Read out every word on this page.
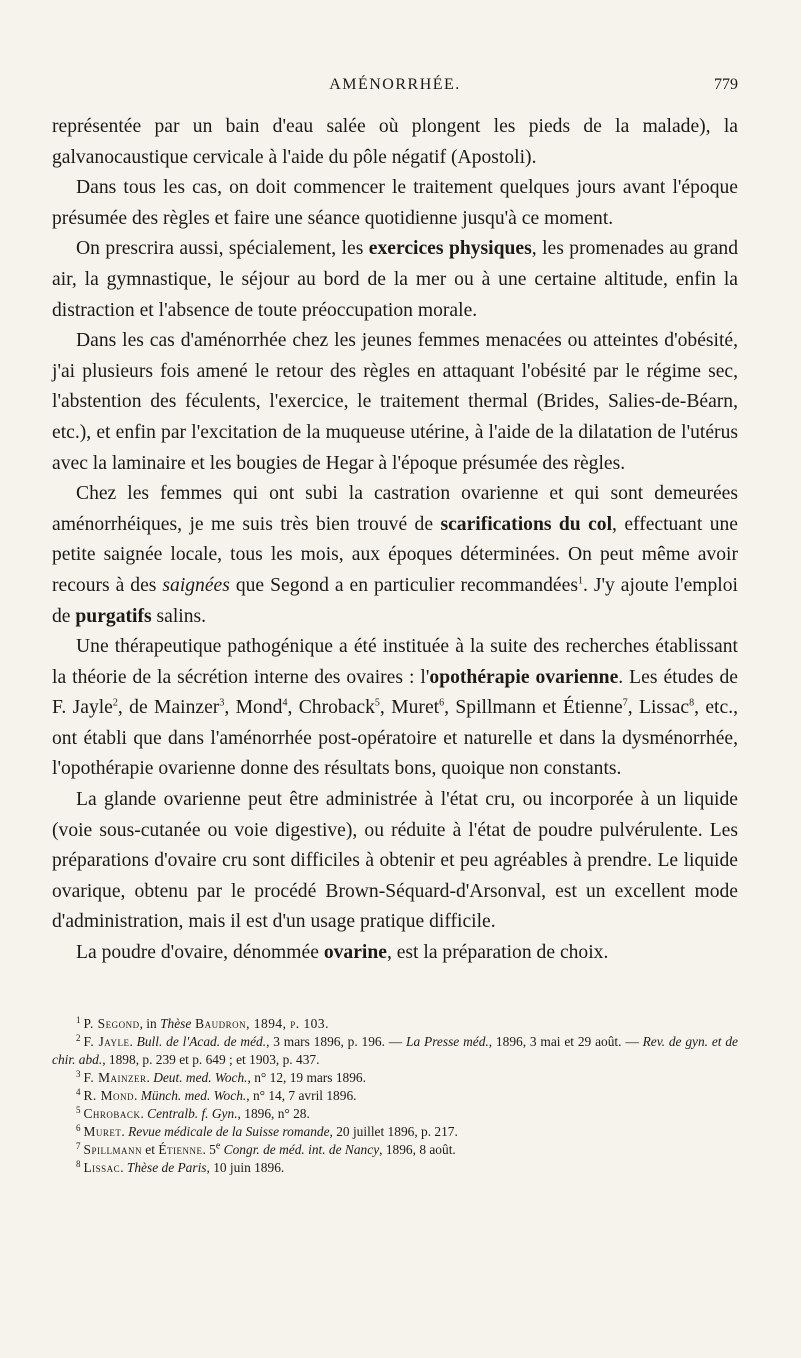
AMÉNORRHÉE.	779

représentée par un bain d'eau salée où plongent les pieds de la malade), la galvanocaustique cervicale à l'aide du pôle négatif (Apostoli).

Dans tous les cas, on doit commencer le traitement quelques jours avant l'époque présumée des règles et faire une séance quotidienne jusqu'à ce moment.

On prescrira aussi, spécialement, les exercices physiques, les promenades au grand air, la gymnastique, le séjour au bord de la mer ou à une certaine altitude, enfin la distraction et l'absence de toute préoccupation morale.

Dans les cas d'aménorrhée chez les jeunes femmes menacées ou atteintes d'obésité, j'ai plusieurs fois amené le retour des règles en attaquant l'obésité par le régime sec, l'abstention des féculents, l'exercice, le traitement thermal (Brides, Salies-de-Béarn, etc.), et enfin par l'excitation de la muqueuse utérine, à l'aide de la dilatation de l'utérus avec la laminaire et les bougies de Hegar à l'époque présumée des règles.

Chez les femmes qui ont subi la castration ovarienne et qui sont demeurées aménorrhéiques, je me suis très bien trouvé de scarifications du col, effectuant une petite saignée locale, tous les mois, aux époques déterminées. On peut même avoir recours à des saignées que Segond a en particulier recommandées$^1$. J'y ajoute l'emploi de purgatifs salins.

Une thérapeutique pathogénique a été instituée à la suite des recherches établissant la théorie de la sécrétion interne des ovaires : l'opothérapie ovarienne. Les études de F. Jayle$^2$, de Mainzer$^3$, Mond$^4$, Chroback$^5$, Muret$^6$, Spillmann et Étienne$^7$, Lissac$^8$, etc., ont établi que dans l'aménorrhée post-opératoire et naturelle et dans la dysménorrhée, l'opothérapie ovarienne donne des résultats bons, quoique non constants.

La glande ovarienne peut être administrée à l'état cru, ou incorporée à un liquide (voie sous-cutanée ou voie digestive), ou réduite à l'état de poudre pulvérulente. Les préparations d'ovaire cru sont difficiles à obtenir et peu agréables à prendre. Le liquide ovarique, obtenu par le procédé Brown-Séquard-d'Arsonval, est un excellent mode d'administration, mais il est d'un usage pratique difficile.

La poudre d'ovaire, dénommée ovarine, est la préparation de choix.

$^1$ P. Segond, in Thèse Baudron, 1894, p. 103.

$^2$ F. Jayle. Bull. de l'Acad. de méd., 3 mars 1896, p. 196. — La Presse méd., 1896, 3 mai et 29 août. — Rev. de gyn. et de chir. abd., 1898, p. 239 et p. 649 ; et 1903, p. 437.

$^3$ F. Mainzer. Deut. med. Woch., n° 12, 19 mars 1896.

$^4$ R. Mond. Münch. med. Woch., n° 14, 7 avril 1896.

$^5$ Chroback. Centralb. f. Gyn., 1896, n° 28.

$^6$ Muret. Revue médicale de la Suisse romande, 20 juillet 1896, p. 217.

$^7$ Spillmann et Étienne. 5e Congr. de méd. int. de Nancy, 1896, 8 août.

$^8$ Lissac. Thèse de Paris, 10 juin 1896.
